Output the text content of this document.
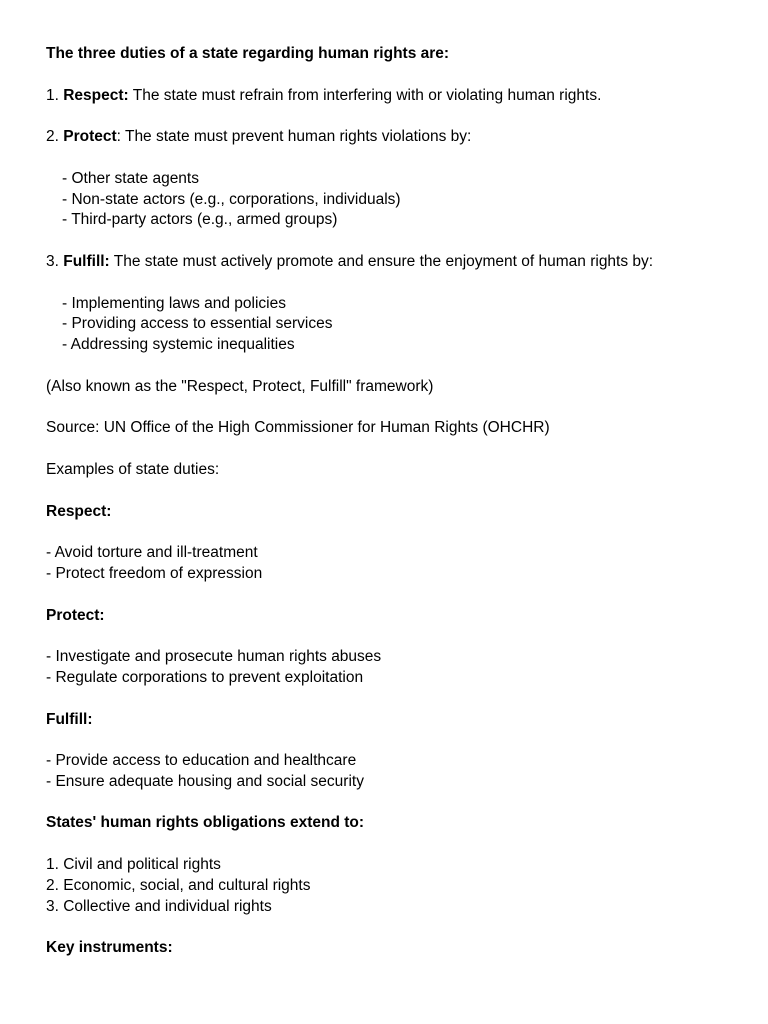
The three duties of a state regarding human rights are:
1. Respect: The state must refrain from interfering with or violating human rights.
2. Protect: The state must prevent human rights violations by:
- Other state agents
- Non-state actors (e.g., corporations, individuals)
- Third-party actors (e.g., armed groups)
3. Fulfill: The state must actively promote and ensure the enjoyment of human rights by:
- Implementing laws and policies
- Providing access to essential services
- Addressing systemic inequalities
(Also known as the "Respect, Protect, Fulfill" framework)
Source: UN Office of the High Commissioner for Human Rights (OHCHR)
Examples of state duties:
Respect:
- Avoid torture and ill-treatment
- Protect freedom of expression
Protect:
- Investigate and prosecute human rights abuses
- Regulate corporations to prevent exploitation
Fulfill:
- Provide access to education and healthcare
- Ensure adequate housing and social security
States' human rights obligations extend to:
1. Civil and political rights
2. Economic, social, and cultural rights
3. Collective and individual rights
Key instruments:
